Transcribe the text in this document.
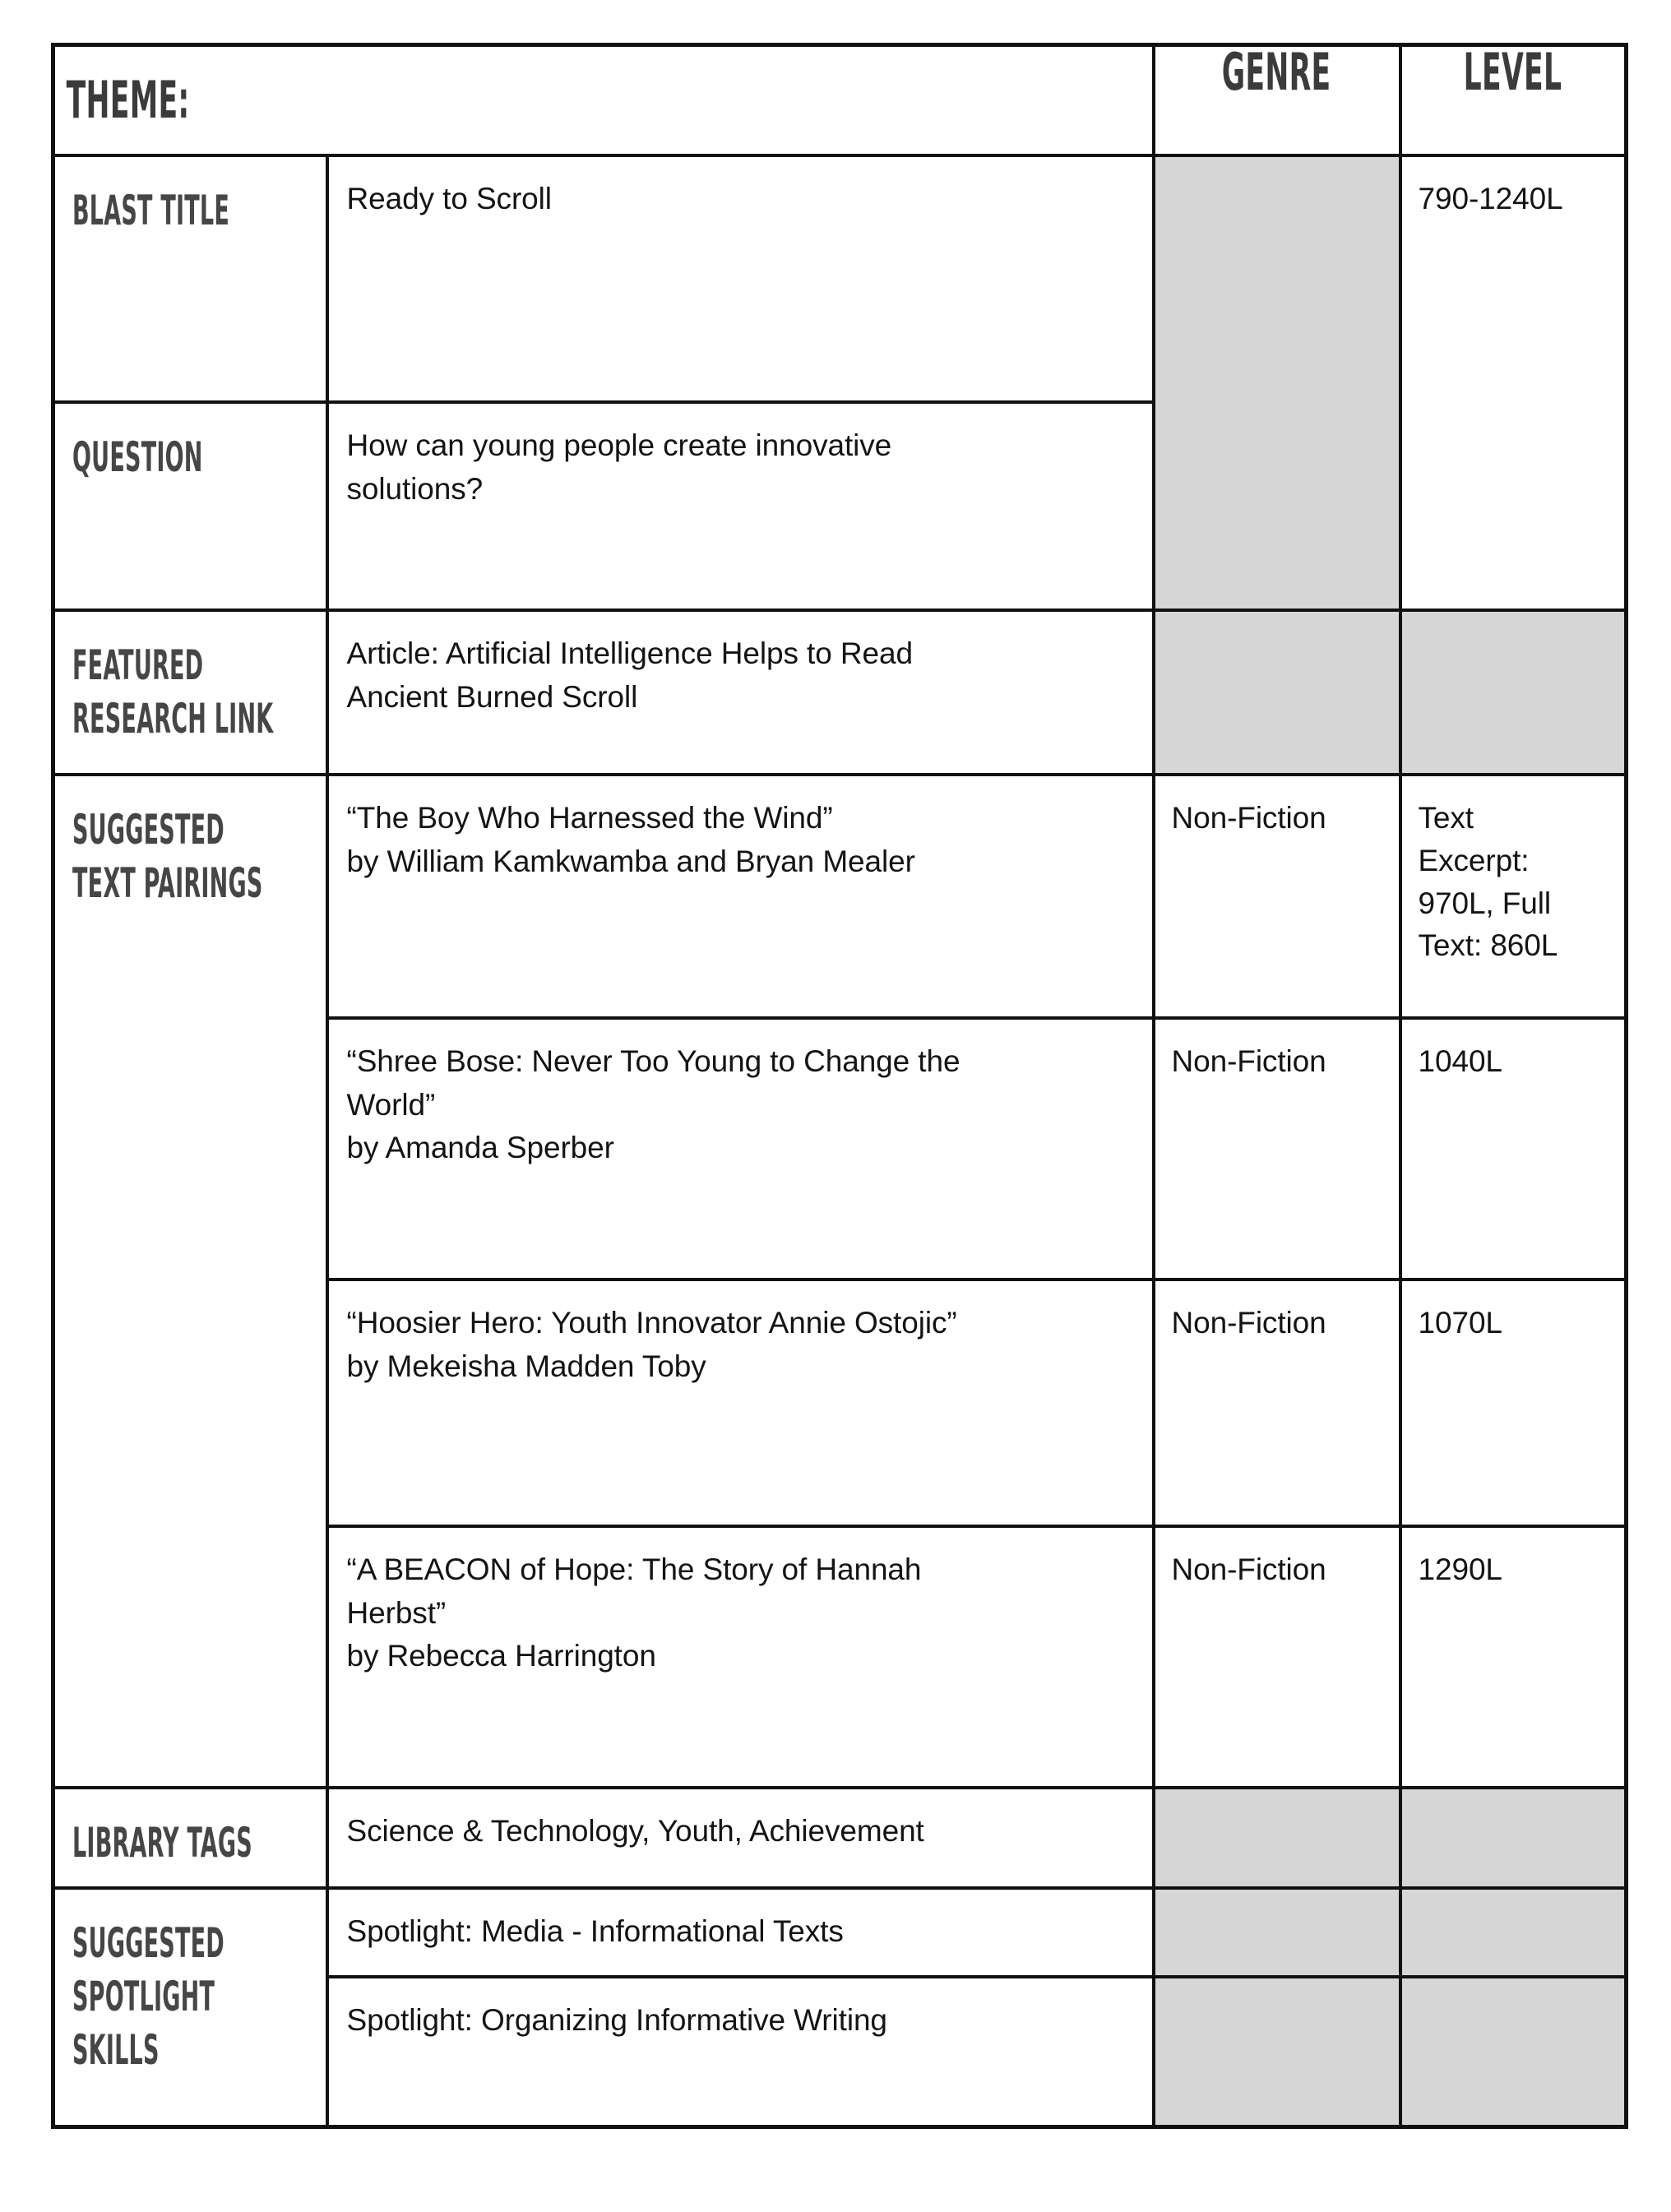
THEME:		GENRE	LEVEL

BLAST TITLE	Ready to Scroll		790-1240L

QUESTION	How can young people create innovative
solutions?		

FEATURED
RESEARCH LINK	Article: Artificial Intelligence Helps to Read
Ancient Burned Scroll		

SUGGESTED
TEXT PAIRINGS	“The Boy Who Harnessed the Wind”
by William Kamkwamba and Bryan Mealer	Non-Fiction	Text
Excerpt:
970L, Full
Text: 860L

	“Shree Bose: Never Too Young to Change the
World”
by Amanda Sperber	Non-Fiction	1040L

	“Hoosier Hero: Youth Innovator Annie Ostojic”
by Mekeisha Madden Toby	Non-Fiction	1070L

	“A BEACON of Hope: The Story of Hannah
Herbst”
by Rebecca Harrington	Non-Fiction	1290L

LIBRARY TAGS	Science & Technology, Youth, Achievement		

SUGGESTED
SPOTLIGHT
SKILLS	Spotlight: Media - Informational Texts		

	Spotlight: Organizing Informative Writing		
